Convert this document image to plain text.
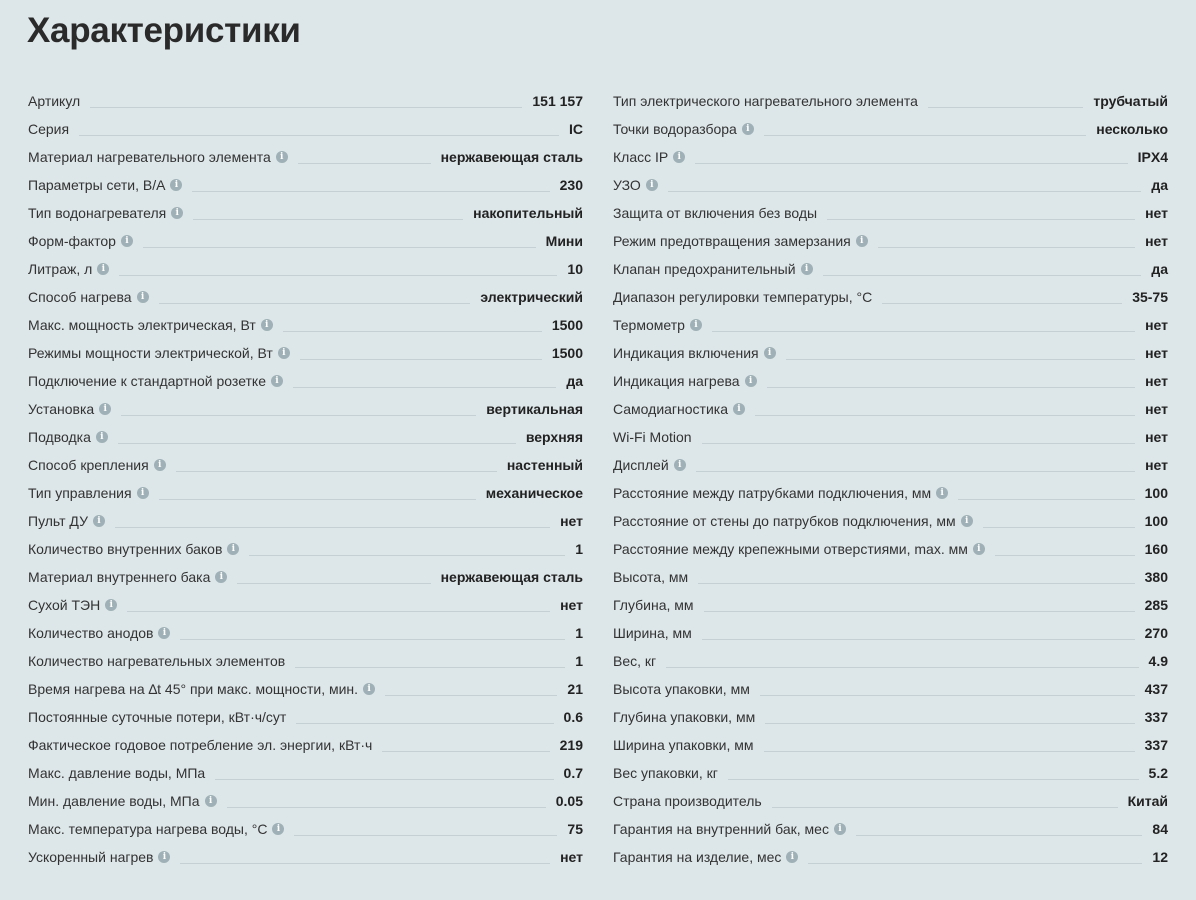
Характеристики
Артикул	151 157
Серия	IC
Материал нагревательного элемента	i	нержавеющая сталь
Параметры сети, В/А	i	230
Тип водонагревателя	i	накопительный
Форм-фактор	i	Мини
Литраж, л	i	10
Способ нагрева	i	электрический
Макс. мощность электрическая, Вт	i	1500
Режимы мощности электрической, Вт	i	1500
Подключение к стандартной розетке	i	да
Установка	i	вертикальная
Подводка	i	верхняя
Способ крепления	i	настенный
Тип управления	i	механическое
Пульт ДУ	i	нет
Количество внутренних баков	i	1
Материал внутреннего бака	i	нержавеющая сталь
Сухой ТЭН	i	нет
Количество анодов	i	1
Количество нагревательных элементов	1
Время нагрева на ∆t 45° при макс. мощности, мин.	i	21
Постоянные суточные потери, кВт·ч/сут	0.6
Фактическое годовое потребление эл. энергии, кВт·ч	219
Макс. давление воды, МПа	0.7
Мин. давление воды, МПа	i	0.05
Макс. температура нагрева воды, °С	i	75
Ускоренный нагрев	i	нет
Тип электрического нагревательного элемента	трубчатый
Точки водоразбора	i	несколько
Класс IP	i	IPX4
УЗО	i	да
Защита от включения без воды	нет
Режим предотвращения замерзания	i	нет
Клапан предохранительный	i	да
Диапазон регулировки температуры, °С	35-75
Термометр	i	нет
Индикация включения	i	нет
Индикация нагрева	i	нет
Самодиагностика	i	нет
Wi-Fi Motion	нет
Дисплей	i	нет
Расстояние между патрубками подключения, мм	i	100
Расстояние от стены до патрубков подключения, мм	i	100
Расстояние между крепежными отверстиями, max. мм	i	160
Высота, мм	380
Глубина, мм	285
Ширина, мм	270
Вес, кг	4.9
Высота упаковки, мм	437
Глубина упаковки, мм	337
Ширина упаковки, мм	337
Вес упаковки, кг	5.2
Страна производитель	Китай
Гарантия на внутренний бак, мес	i	84
Гарантия на изделие, мес	i	12
